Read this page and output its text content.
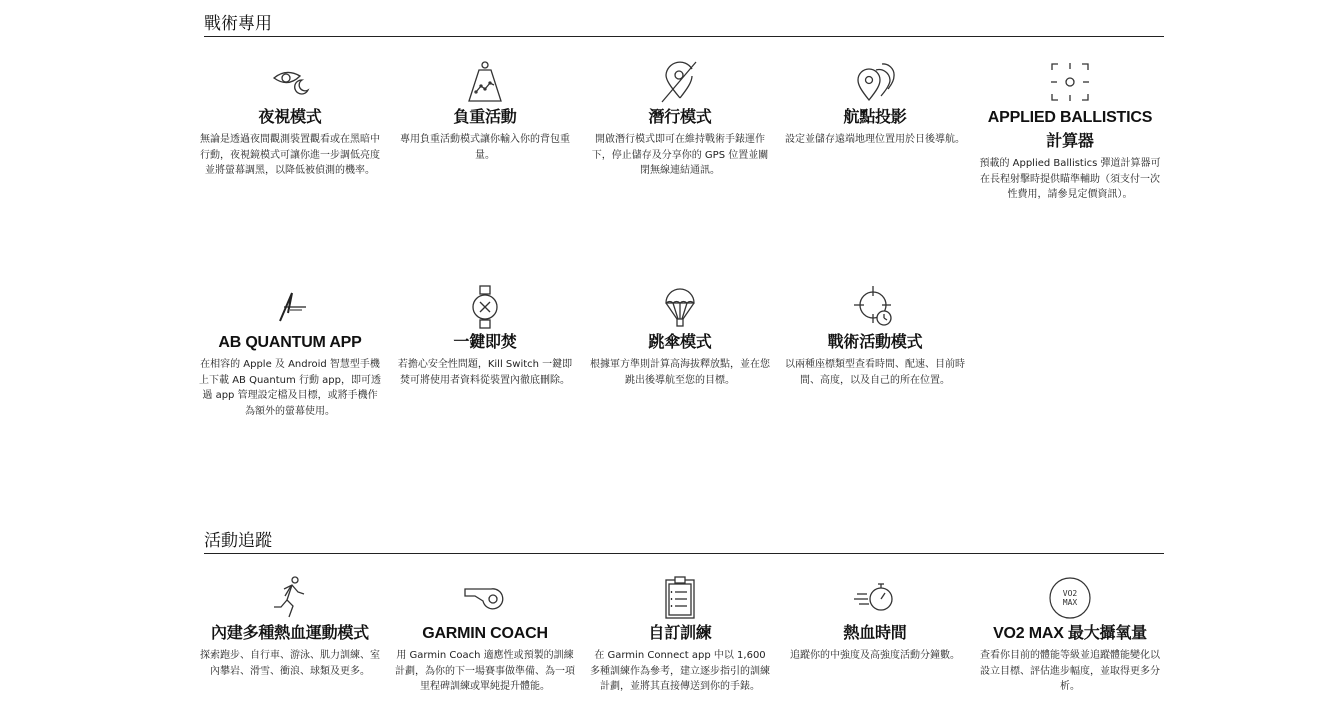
戰術專用
夜視模式

無論是透過夜間觀測裝置觀看或在黑暗中行動，夜視鏡模式可讓你進一步調低亮度並將螢幕調黑，以降低被偵測的機率。

負重活動

專用負重活動模式讓你輸入你的背包重量。

潛行模式

開啟潛行模式即可在維持戰術手錶運作下，停止儲存及分享你的 GPS 位置並關閉無線連結通訊。

航點投影

設定並儲存遠端地理位置用於日後導航。

APPLIED BALLISTICS 計算器

預載的 Applied Ballistics 彈道計算器可在長程射擊時提供瞄準輔助（須支付一次性費用，請參見定價資訊）。

AB QUANTUM APP

在相容的 Apple 及 Android 智慧型手機上下載 AB Quantum 行動 app，即可透過 app 管理設定檔及目標，或將手機作為額外的螢幕使用。

一鍵即焚

若擔心安全性問題，Kill Switch 一鍵即焚可將使用者資料從裝置內徹底刪除。

跳傘模式

根據軍方準則計算高海拔釋放點，並在您跳出後導航至您的目標。

戰術活動模式

以兩種座標類型查看時間、配速、目前時間、高度，以及自己的所在位置。

活動追蹤
內建多種熱血運動模式

探索跑步、自行車、游泳、肌力訓練、室內攀岩、滑雪、衝浪、球類及更多。

GARMIN COACH

用 Garmin Coach 適應性或預製的訓練計劃，為你的下一場賽事做準備、為一項里程碑訓練或單純提升體能。

自訂訓練

在 Garmin Connect app 中以 1,600 多種訓練作為參考，建立逐步指引的訓練計劃，並將其直接傳送到你的手錶。

熱血時間

追蹤你的中強度及高強度活動分鐘數。

VO2
MAX
VO2 MAX 最大攝氧量

查看你目前的體能等級並追蹤體能變化以設立目標、評估進步幅度，並取得更多分析。
